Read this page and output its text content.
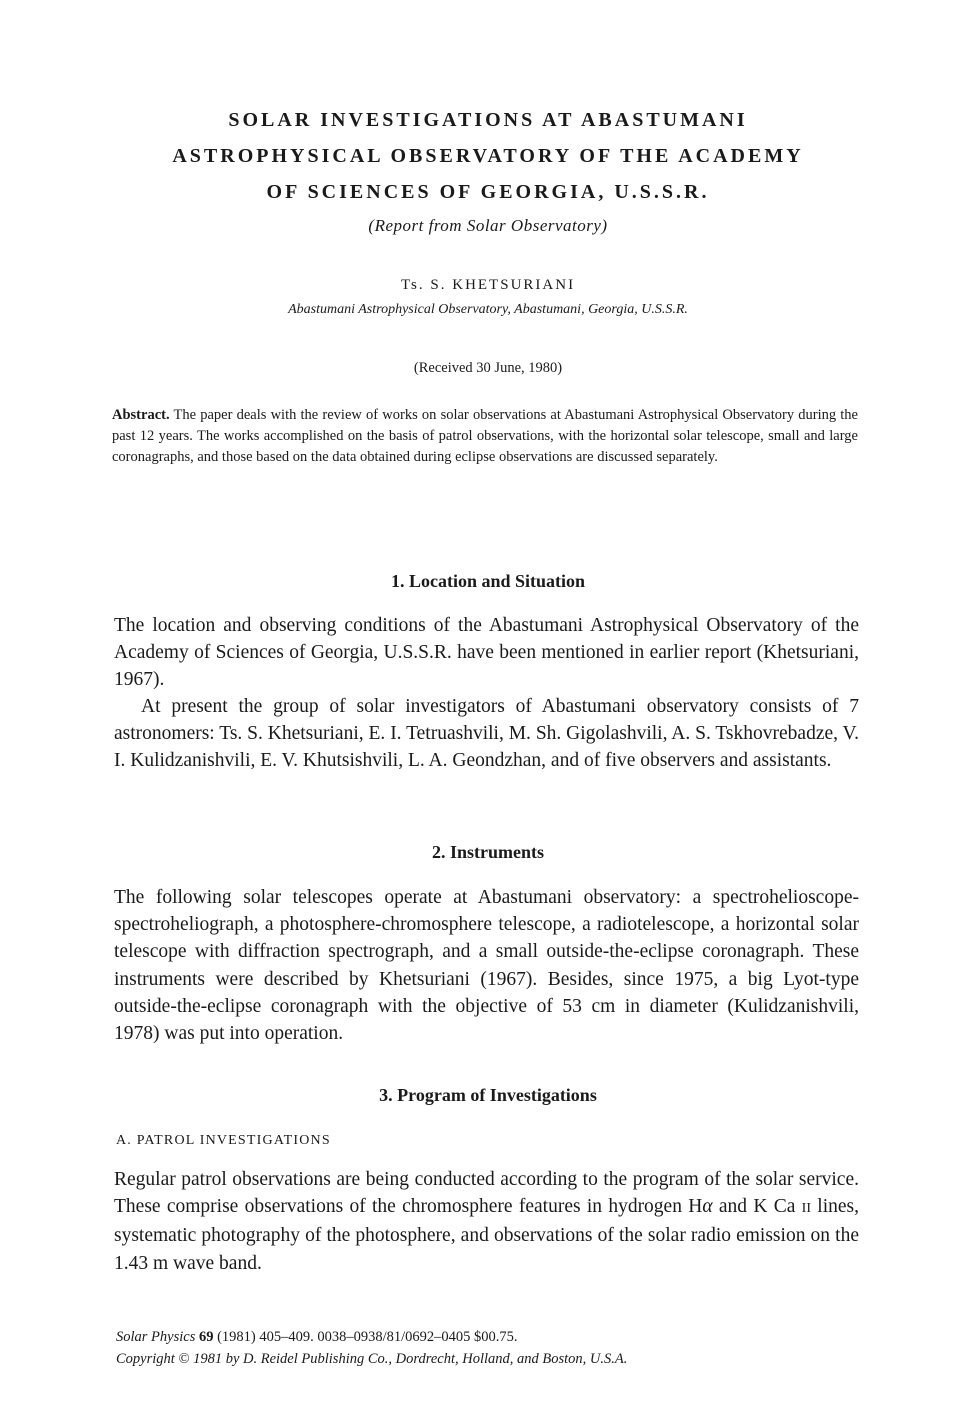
SOLAR INVESTIGATIONS AT ABASTUMANI
ASTROPHYSICAL OBSERVATORY OF THE ACADEMY
OF SCIENCES OF GEORGIA, U.S.S.R.
(Report from Solar Observatory)
Ts. S. KHETSURIANI
Abastumani Astrophysical Observatory, Abastumani, Georgia, U.S.S.R.
(Received 30 June, 1980)
Abstract. The paper deals with the review of works on solar observations at Abastumani Astrophysical Observatory during the past 12 years. The works accomplished on the basis of patrol observations, with the horizontal solar telescope, small and large coronagraphs, and those based on the data obtained during eclipse observations are discussed separately.
1. Location and Situation

The location and observing conditions of the Abastumani Astrophysical Observatory of the Academy of Sciences of Georgia, U.S.S.R. have been mentioned in earlier report (Khetsuriani, 1967).

At present the group of solar investigators of Abastumani observatory consists of 7 astronomers: Ts. S. Khetsuriani, E. I. Tetruashvili, M. Sh. Gigolashvili, A. S. Tskhovrebadze, V. I. Kulidzanishvili, E. V. Khutsishvili, L. A. Geondzhan, and of five observers and assistants.

2. Instruments

The following solar telescopes operate at Abastumani observatory: a spectrohelioscope-spectroheliograph, a photosphere-chromosphere telescope, a radiotelescope, a horizontal solar telescope with diffraction spectrograph, and a small outside-the-eclipse coronagraph. These instruments were described by Khetsuriani (1967). Besides, since 1975, a big Lyot-type outside-the-eclipse coronagraph with the objective of 53 cm in diameter (Kulidzanishvili, 1978) was put into operation.

3. Program of Investigations
A. PATROL INVESTIGATIONS

Regular patrol observations are being conducted according to the program of the solar service. These comprise observations of the chromosphere features in hydrogen Hα and K Ca II lines, systematic photography of the photosphere, and observations of the solar radio emission on the 1.43 m wave band.

Solar Physics 69 (1981) 405–409. 0038–0938/81/0692–0405 $00.75.
Copyright © 1981 by D. Reidel Publishing Co., Dordrecht, Holland, and Boston, U.S.A.
